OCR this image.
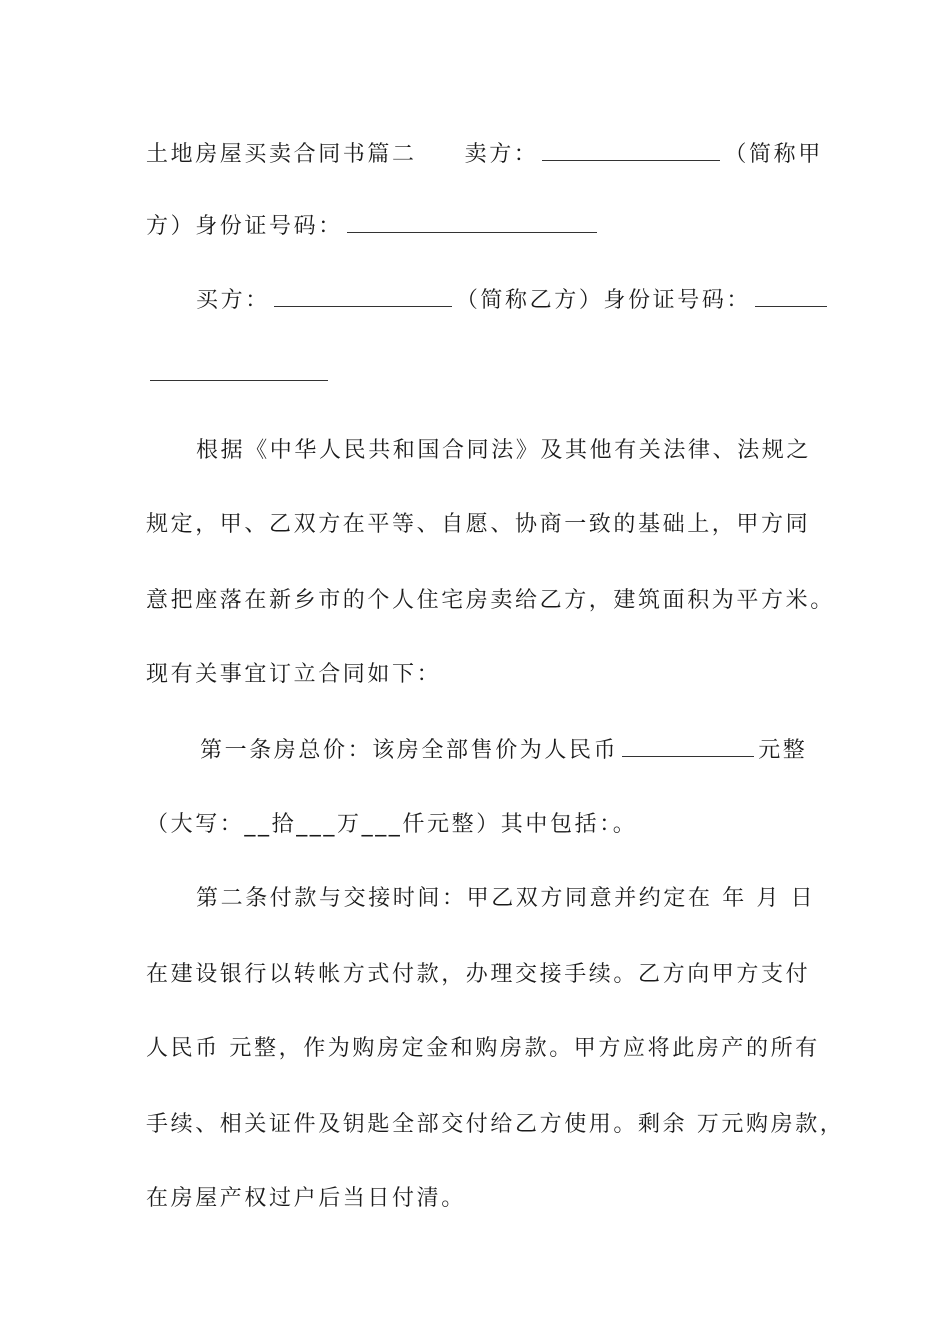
土地房屋买卖合同书篇二 卖方：	（简称甲
方）身份证号码：
买方：	（简称乙方）身份证号码：
根据《中华人民共和国合同法》及其他有关法律、法规之
规定，甲、乙双方在平等、自愿、协商一致的基础上，甲方同
意把座落在新乡市的个人住宅房卖给乙方，建筑面积为平方米。
现有关事宜订立合同如下：
第一条房总价：该房全部售价为人民币	元整
（大写：__拾___万___仟元整）其中包括：。
第二条付款与交接时间：甲乙双方同意并约定在 年 月 日
在建设银行以转帐方式付款，办理交接手续。乙方向甲方支付
人民币 元整，作为购房定金和购房款。甲方应将此房产的所有
手续、相关证件及钥匙全部交付给乙方使用。剩余 万元购房款，
在房屋产权过户后当日付清。
